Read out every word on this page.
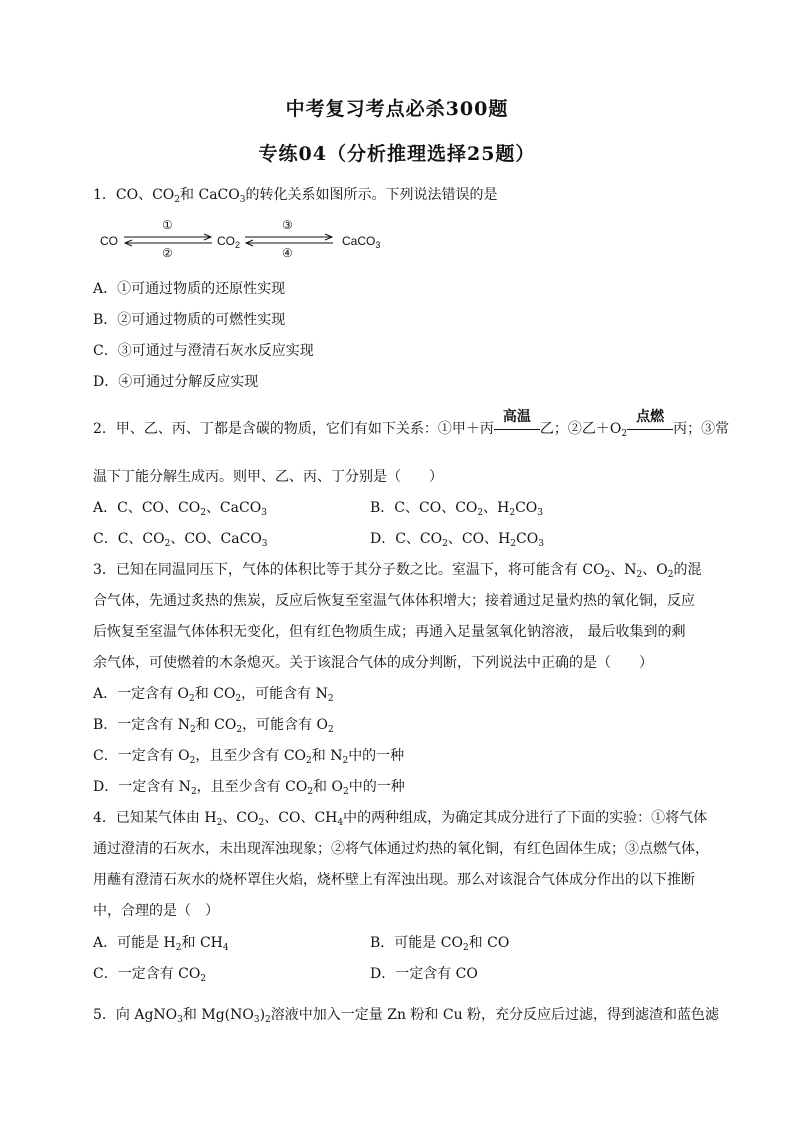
中考复习考点必杀300题
专练04（分析推理选择25题）
1．CO、$CO_2$和 CaCO$_3$的转化关系如图所示。下列说法错误的是
CO	$CO_2$	CaCO$_3$
①
②
③
④
A．①可通过物质的还原性实现
B．②可通过物质的可燃性实现
C．③可通过与澄清石灰水反应实现
D．④可通过分解反应实现
2．甲、乙、丙、丁都是含碳的物质，它们有如下关系：①甲＋丙
高温
乙；②乙$+O_2$
点燃
丙；③常
温下丁能分解生成丙。则甲、乙、丙、丁分别是（　　）
A．C、CO、$CO_2$、CaCO$_3$	B．C、CO、$CO_2$、$H_2CO_3$
C．C、$CO_2$、CO、CaCO$_3$	D．C、$CO_2$、CO、$H_2CO_3$
3．已知在同温同压下，气体的体积比等于其分子数之比。室温下，将可能含有 $CO_2$、$N_2$、$O_2$的混
合气体，先通过炙热的焦炭，反应后恢复至室温气体体积增大；接着通过足量灼热的氧化铜，反应
后恢复至室温气体体积无变化，但有红色物质生成；再通入足量氢氧化钠溶液， 最后收集到的剩
余气体，可使燃着的木条熄灭。关于该混合气体的成分判断，下列说法中正确的是（　　）
A．一定含有 $O_2$和 $CO_2$，可能含有 $N_2$
B．一定含有 $N_2$和 $CO_2$，可能含有 $O_2$
C．一定含有 $O_2$，且至少含有 $CO_2$和 $N_2$中的一种
D．一定含有 $N_2$，且至少含有 $CO_2$和 $O_2$中的一种
4．已知某气体由 $H_2$、$CO_2$、CO、$CH_4$中的两种组成，为确定其成分进行了下面的实验：①将气体
通过澄清的石灰水，未出现浑浊现象；②将气体通过灼热的氧化铜，有红色固体生成；③点燃气体，
用蘸有澄清石灰水的烧杯罩住火焰，烧杯壁上有浑浊出现。那么对该混合气体成分作出的以下推断
中，合理的是（　）
A．可能是 $H_2$和 $CH_4$	B．可能是 $CO_2$和 CO
C．一定含有 $CO_2$	D．一定含有 CO
5．向 AgNO$_3$和 $Mg(NO_3)_2$溶液中加入一定量 Zn 粉和 Cu 粉，充分反应后过滤，得到滤渣和蓝色滤
